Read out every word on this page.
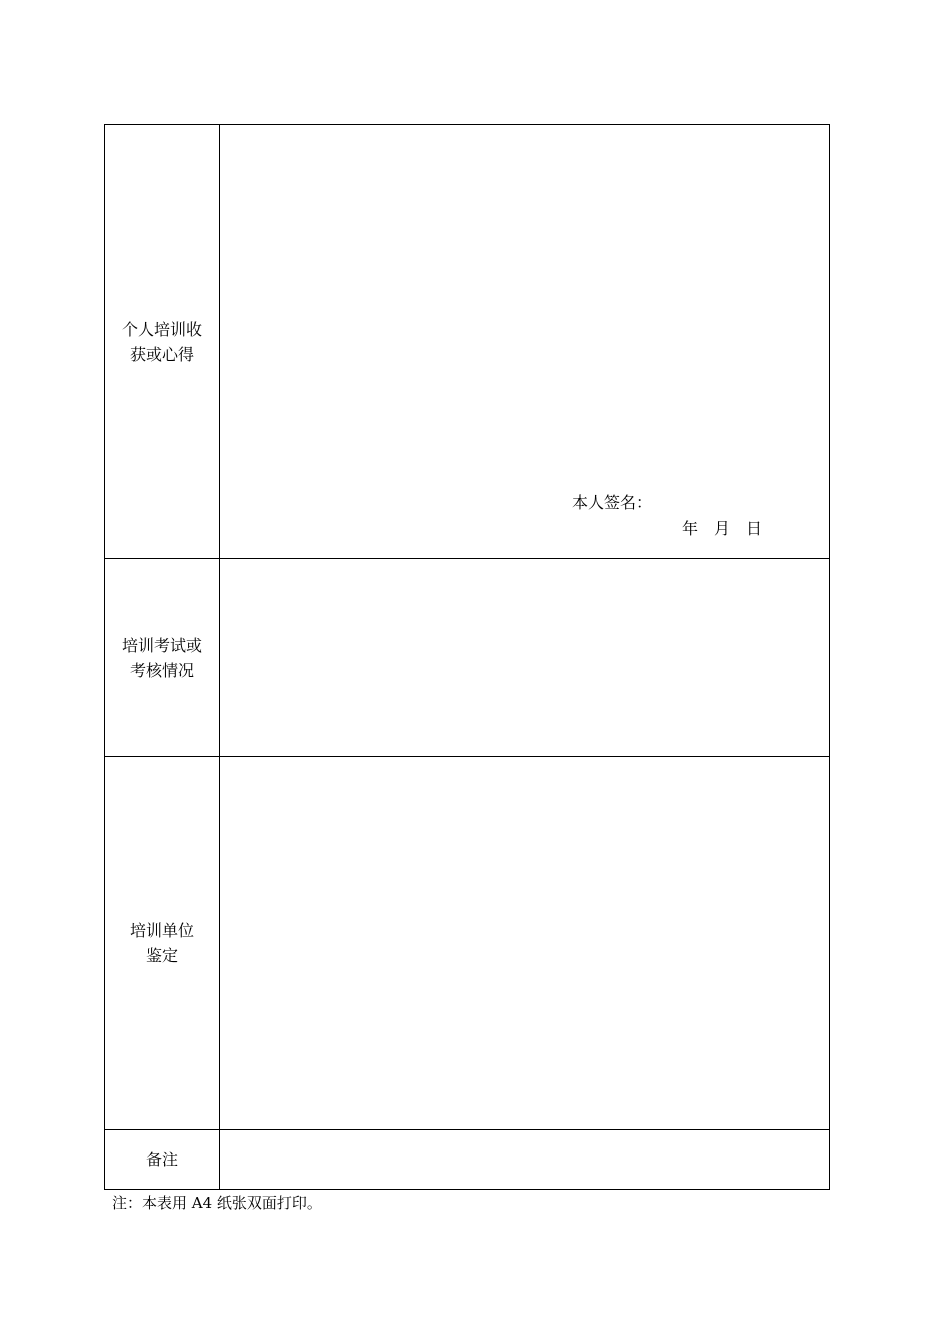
个人培训收
获或心得
本人签名：
年 月 日
培训考试或
考核情况
培训单位
鉴定
备注
注：本表用 A4 纸张双面打印。
